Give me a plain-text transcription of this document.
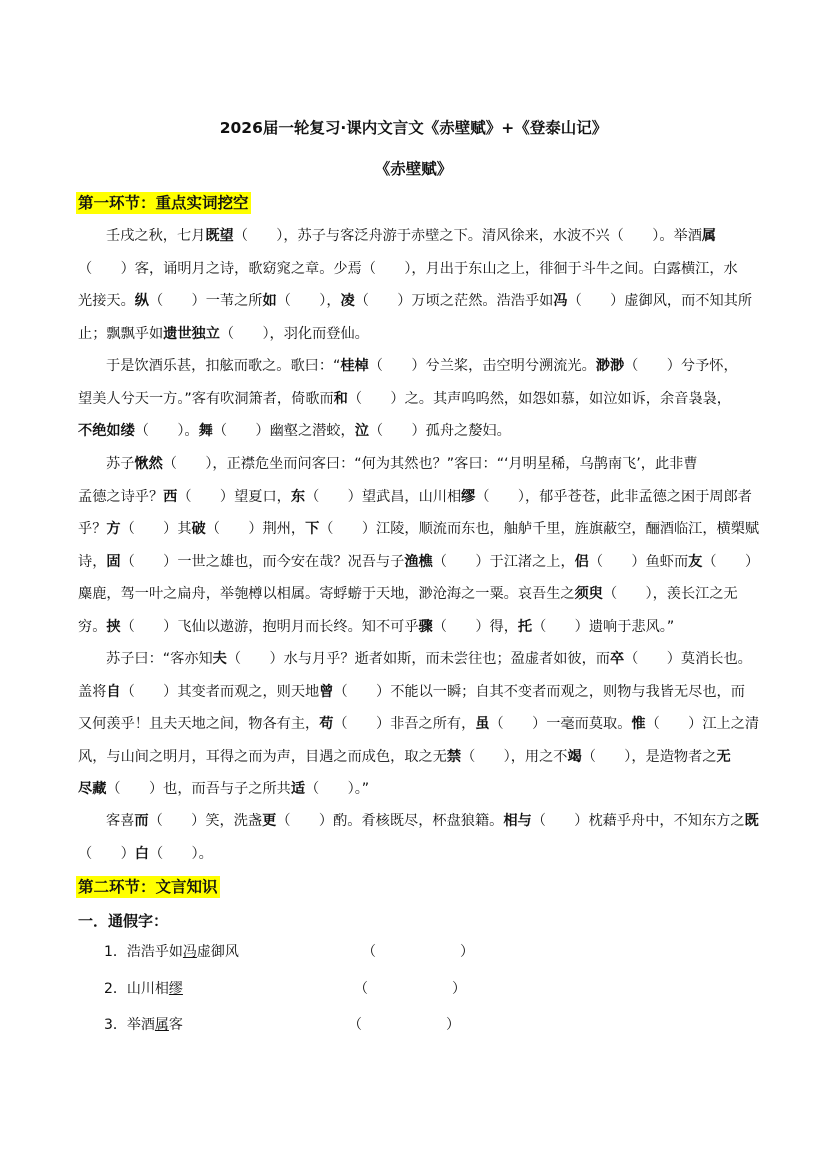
2026届一轮复习·课内文言文《赤壁赋》+《登泰山记》
《赤壁赋》
第一环节：重点实词挖空
壬戌之秋，七月既望（　　），苏子与客泛舟游于赤壁之下。清风徐来，水波不兴（　　）。举酒属
（　　）客，诵明月之诗，歌窈窕之章。少焉（　　），月出于东山之上，徘徊于斗牛之间。白露横江，水
光接天。纵（　　）一苇之所如（　　），凌（　　）万顷之茫然。浩浩乎如冯（　　）虚御风，而不知其所
止；飘飘乎如遗世独立（　　），羽化而登仙。
于是饮酒乐甚，扣舷而歌之。歌曰：“桂棹（　　）兮兰桨，击空明兮溯流光。渺渺（　　）兮予怀，
望美人兮天一方。”客有吹洞箫者，倚歌而和（　　）之。其声呜呜然，如怨如慕，如泣如诉，余音袅袅，
不绝如缕（　　）。舞（　　）幽壑之潜蛟，泣（　　）孤舟之嫠妇。
苏子愀然（　　），正襟危坐而问客曰：“何为其然也？”客曰：“‘月明星稀，乌鹊南飞’，此非曹
孟德之诗乎？西（　　）望夏口，东（　　）望武昌，山川相缪（　　），郁乎苍苍，此非孟德之困于周郎者
乎？方（　　）其破（　　）荆州，下（　　）江陵，顺流而东也，舳舻千里，旌旗蔽空，酾酒临江，横槊赋
诗，固（　　）一世之雄也，而今安在哉？况吾与子渔樵（　　）于江渚之上，侣（　　）鱼虾而友（　　）
麋鹿，驾一叶之扁舟，举匏樽以相属。寄蜉蝣于天地，渺沧海之一粟。哀吾生之须臾（　　），羡长江之无
穷。挟（　　）飞仙以遨游，抱明月而长终。知不可乎骤（　　）得，托（　　）遗响于悲风。”
苏子曰：“客亦知夫（　　）水与月乎？逝者如斯，而未尝往也；盈虚者如彼，而卒（　　）莫消长也。
盖将自（　　）其变者而观之，则天地曾（　　）不能以一瞬；自其不变者而观之，则物与我皆无尽也，而
又何羡乎！且夫天地之间，物各有主，苟（　　）非吾之所有，虽（　　）一毫而莫取。惟（　　）江上之清
风，与山间之明月，耳得之而为声，目遇之而成色，取之无禁（　　），用之不竭（　　），是造物者之无
尽藏（　　）也，而吾与子之所共适（　　）。”
客喜而（　　）笑，洗盏更（　　）酌。肴核既尽，杯盘狼籍。相与（　　）枕藉乎舟中，不知东方之既
（　　）白（　　）。
第二环节：文言知识
一．通假字：
1．浩浩乎如冯虚御风	（　　　　　　）
2．山川相缪	（　　　　　　）
3．举酒属客	（　　　　　　）
